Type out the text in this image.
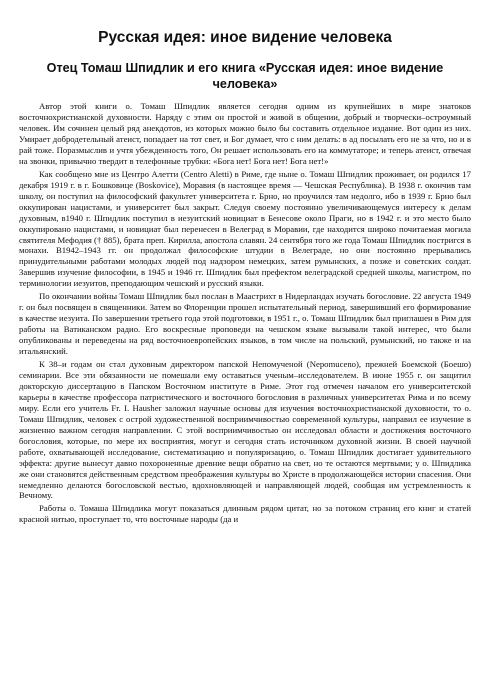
Русская идея: иное видение человека
Отец Томаш Шпидлик и его книга «Русская идея: иное видение человека»

Автор этой книги о. Томаш Шпидлик является сегодня одним из крупнейших в мире знатоков восточнохристианской духовности. Наряду с этим он простой и живой в общении, добрый и творчески–остроумный человек. Им сочинен целый ряд анекдотов, из которых можно было бы составить отдельное издание. Вот один из них. Умирает добродетельный атеист, попадает на тот свет, и Бог думает, что с ним делать: в ад посылать его не за что, но и в рай тоже. Поразмыслив и учтя убежденность того, Он решает использовать его на коммутаторе; и теперь атеист, отвечая на звонки, привычно твердит в телефонные трубки: «Бога нет! Бога нет! Бога нет!»

Как сообщено мне из Центро Алетти (Centro Aletti) в Риме, где ныне о. Томаш Шпидлик проживает, он родился 17 декабря 1919 г. в г. Бошковице (Boskovice), Моравия (в настоящее время — Чешская Республика). В 1938 г. окончив там школу, он поступил на философский факультет университета г. Брно, но проучился там недолго, ибо в 1939 г. Брно был оккупирован нацистами, и университет был закрыт. Следуя своему постоянно увеличивающемуся интересу к делам духовным, в1940 г. Шпидлик поступил в иезуитский новициат в Бенесове около Праги, но в 1942 г. и это место было оккупировано нацистами, и новициат был перенесен в Велеград в Моравии, где находится широко почитаемая могила святителя Мефодия († 885), брата преп. Кирилла, апостола славян. 24 сентября того же года Томаш Шпидлик постригся в монахи. В1942–1943 гг. он продолжал философские штудии в Велеграде, но они постоянно прерывались принудительными работами молодых людей под надзором немецких, затем румынских, а позже и советских солдат. Завершив изучение философии, в 1945 и 1946 гг. Шпидлик был префектом велеградской средней школы, магистром, по терминологии иезуитов, преподающим чешский и русский языки.

По окончании войны Томаш Шпидлик был послан в Маастрихт в Нидерландах изучать богословие. 22 августа 1949 г. он был посвящен в священники. Затем во Флоренции прошел испытательный период, завершивший его формирование в качестве иезуита. По завершении третьего года этой подготовки, в 1951 г., о. Томаш Шпидлик был приглашен в Рим для работы на Ватиканском радио. Его воскресные проповеди на чешском языке вызывали такой интерес, что были опубликованы и переведены на ряд восточноевропейских языков, в том числе на польский, румынский, но также и на итальянский.

К 38–и годам он стал духовным директором папской Непомученой (Nepomuceno), прежней Боемской (Боешо) семинарии. Все эти обязанности не помешали ему оставаться ученым–исследователем. В июне 1955 г. он защитил докторскую диссертацию в Папском Восточном институте в Риме. Этот год отмечен началом его университетской карьеры в качестве профессора патристического и восточного богословия в различных университетах Рима и по всему миру. Если его учитель Fr. I. Hausher заложил научные основы для изучения восточнохристианской духовности, то о. Томаш Шпидлик, человек с острой художественной восприимчивостью современной культуры, направил ее изучение в жизненно важном сегодня направлении. С этой восприимчивостью он исследовал области и достижения восточного богословия, которые, по мере их восприятия, могут и сегодня стать источником духовной жизни. В своей научной работе, охватывающей исследование, систематизацию и популяризацию, о. Томаш Шпидлик достигает удивительного эффекта: другие вынесут давно похороненные древние вещи обратно на свет, но те остаются мертвыми; у о. Шпидлика же они становятся действенным средством преображения культуры во Христе в продолжающейся истории спасения. Они немедленно делаются богословской вестью, вдохновляющей и направляющей людей, сообщая им устремленность к Вечному.

Работы о. Томаша Шпидлика могут показаться длинным рядом цитат, но за потоком страниц его книг и статей красной нитью, проступает то, что восточные народы (да и
